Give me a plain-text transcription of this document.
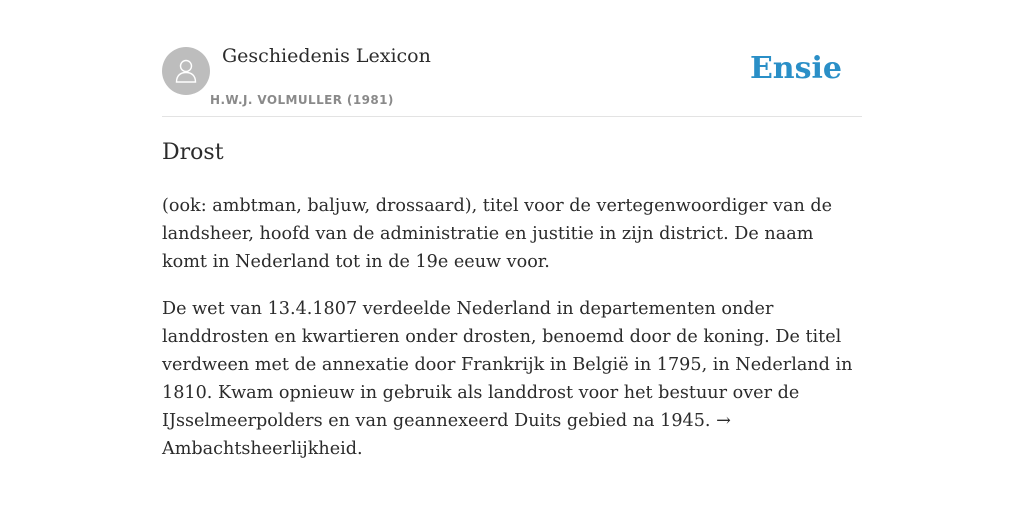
Geschiedenis Lexicon
H.W.J. VOLMULLER (1981)
Ensie
Drost

(ook: ambtman, baljuw, drossaard), titel voor de vertegenwoordiger van de landsheer, hoofd van de administratie en justitie in zijn district. De naam komt in Nederland tot in de 19e eeuw voor.

De wet van 13.4.1807 verdeelde Nederland in departementen onder landdrosten en kwartieren onder drosten, benoemd door de koning. De titel verdween met de annexatie door Frankrijk in België in 1795, in Nederland in 1810. Kwam opnieuw in gebruik als landdrost voor het bestuur over de IJsselmeerpolders en van geannexeerd Duits gebied na 1945. → Ambachtsheerlijkheid.
